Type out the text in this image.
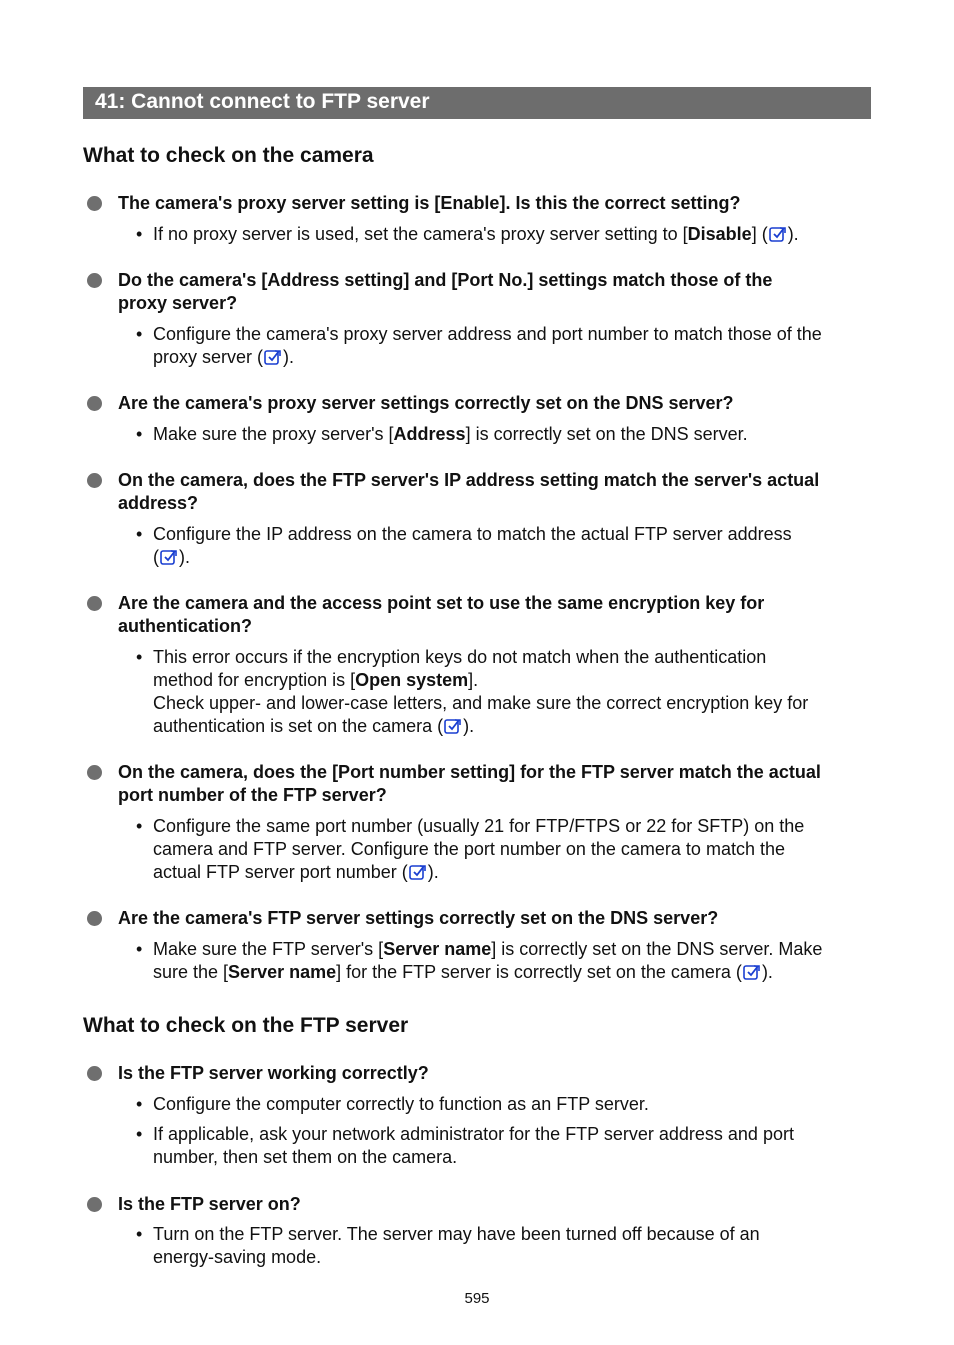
41: Cannot connect to FTP server
What to check on the camera
The camera's proxy server setting is [Enable]. Is this the correct setting?
• If no proxy server is used, set the camera's proxy server setting to [Disable] ( ).
Do the camera's [Address setting] and [Port No.] settings match those of the
proxy server?
• Configure the camera's proxy server address and port number to match those of the
proxy server ( ).
Are the camera's proxy server settings correctly set on the DNS server?
• Make sure the proxy server's [Address] is correctly set on the DNS server.
On the camera, does the FTP server's IP address setting match the server's actual
address?
• Configure the IP address on the camera to match the actual FTP server address
( ).
Are the camera and the access point set to use the same encryption key for
authentication?
• This error occurs if the encryption keys do not match when the authentication
method for encryption is [Open system].
Check upper- and lower-case letters, and make sure the correct encryption key for
authentication is set on the camera ( ).
On the camera, does the [Port number setting] for the FTP server match the actual
port number of the FTP server?
• Configure the same port number (usually 21 for FTP/FTPS or 22 for SFTP) on the
camera and FTP server. Configure the port number on the camera to match the
actual FTP server port number ( ).
Are the camera's FTP server settings correctly set on the DNS server?
• Make sure the FTP server's [Server name] is correctly set on the DNS server. Make
sure the [Server name] for the FTP server is correctly set on the camera ( ).
What to check on the FTP server
Is the FTP server working correctly?
• Configure the computer correctly to function as an FTP server.
• If applicable, ask your network administrator for the FTP server address and port
number, then set them on the camera.
Is the FTP server on?
• Turn on the FTP server. The server may have been turned off because of an
energy-saving mode.
595
